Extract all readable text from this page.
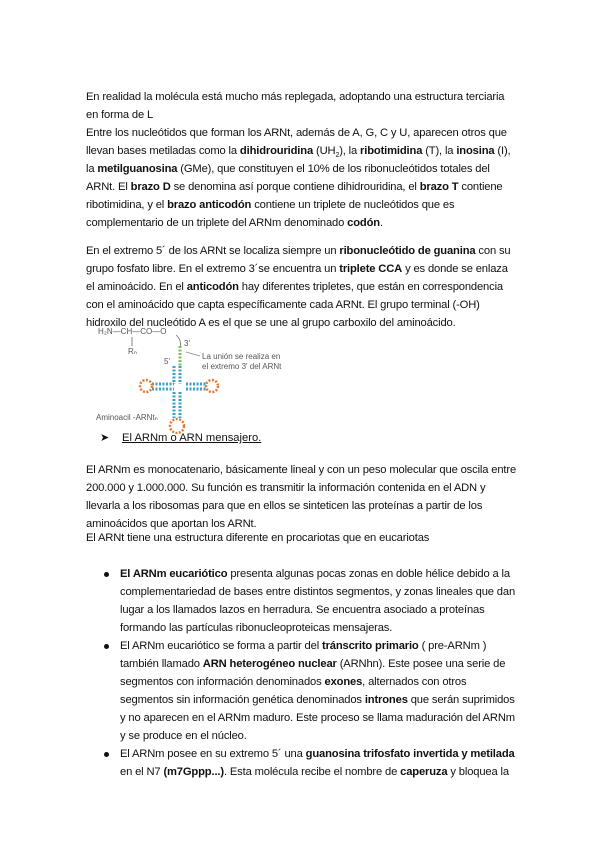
En realidad la molécula está mucho más replegada, adoptando una estructura terciaria en forma de L

Entre los nucleótidos que forman los ARNt, además de A, G, C y U, aparecen otros que llevan bases metiladas como la dihidrouridina $(UH_2)$, la ribotimidina (T), la inosina (I), la metilguanosina (GMe), que constituyen el 10% de los ribonucleótidos totales del ARNt. El brazo D se denomina así porque contiene dihidrouridina, el brazo T contiene ribotimidina, y el brazo anticodón contiene un triplete de nucleótidos que es complementario de un triplete del ARNm denominado codón.

En el extremo 5´ de los ARNt se localiza siempre un ribonucleótido de guanina con su grupo fosfato libre. En el extremo 3´se encuentra un triplete CCA y es donde se enlaza el aminoácido. En el anticodón hay diferentes tripletes, que están en correspondencia con el aminoácido que capta específicamente cada ARNt. El grupo terminal (-OH) hidroxilo del nucleótido A es el que se une al grupo carboxilo del aminoácido.

H₂N—CH—CO—O
Rₙ
3'
5'
La unión se realiza en
el extremo 3' del ARNt
Aminoacil -ARNtₙ
➤ El ARNm o ARN mensajero.

El ARNm es monocatenario, básicamente lineal y con un peso molecular que oscila entre 200.000 y 1.000.000. Su función es transmitir la información contenida en el ADN y llevarla a los ribosomas para que en ellos se sinteticen las proteínas a partir de los aminoácidos que aportan los ARNt.

El ARNt tiene una estructura diferente en procariotas que en eucariotas

El ARNm eucariótico presenta algunas pocas zonas en doble hélice debido a la complementariedad de bases entre distintos segmentos, y zonas lineales que dan lugar a los llamados lazos en herradura. Se encuentra asociado a proteínas formando las partículas ribonucleoproteicas mensajeras.
El ARNm eucariótico se forma a partir del tránscrito primario ( pre-ARNm ) también llamado ARN heterogéneo nuclear (ARNhn). Este posee una serie de segmentos con información denominados exones, alternados con otros segmentos sin información genética denominados intrones que serán suprimidos y no aparecen en el ARNm maduro. Este proceso se llama maduración del ARNm y se produce en el núcleo.
El ARNm posee en su extremo 5´ una guanosina trifosfato invertida y metilada en el N7 (m7Gppp...). Esta molécula recibe el nombre de caperuza y bloquea la
